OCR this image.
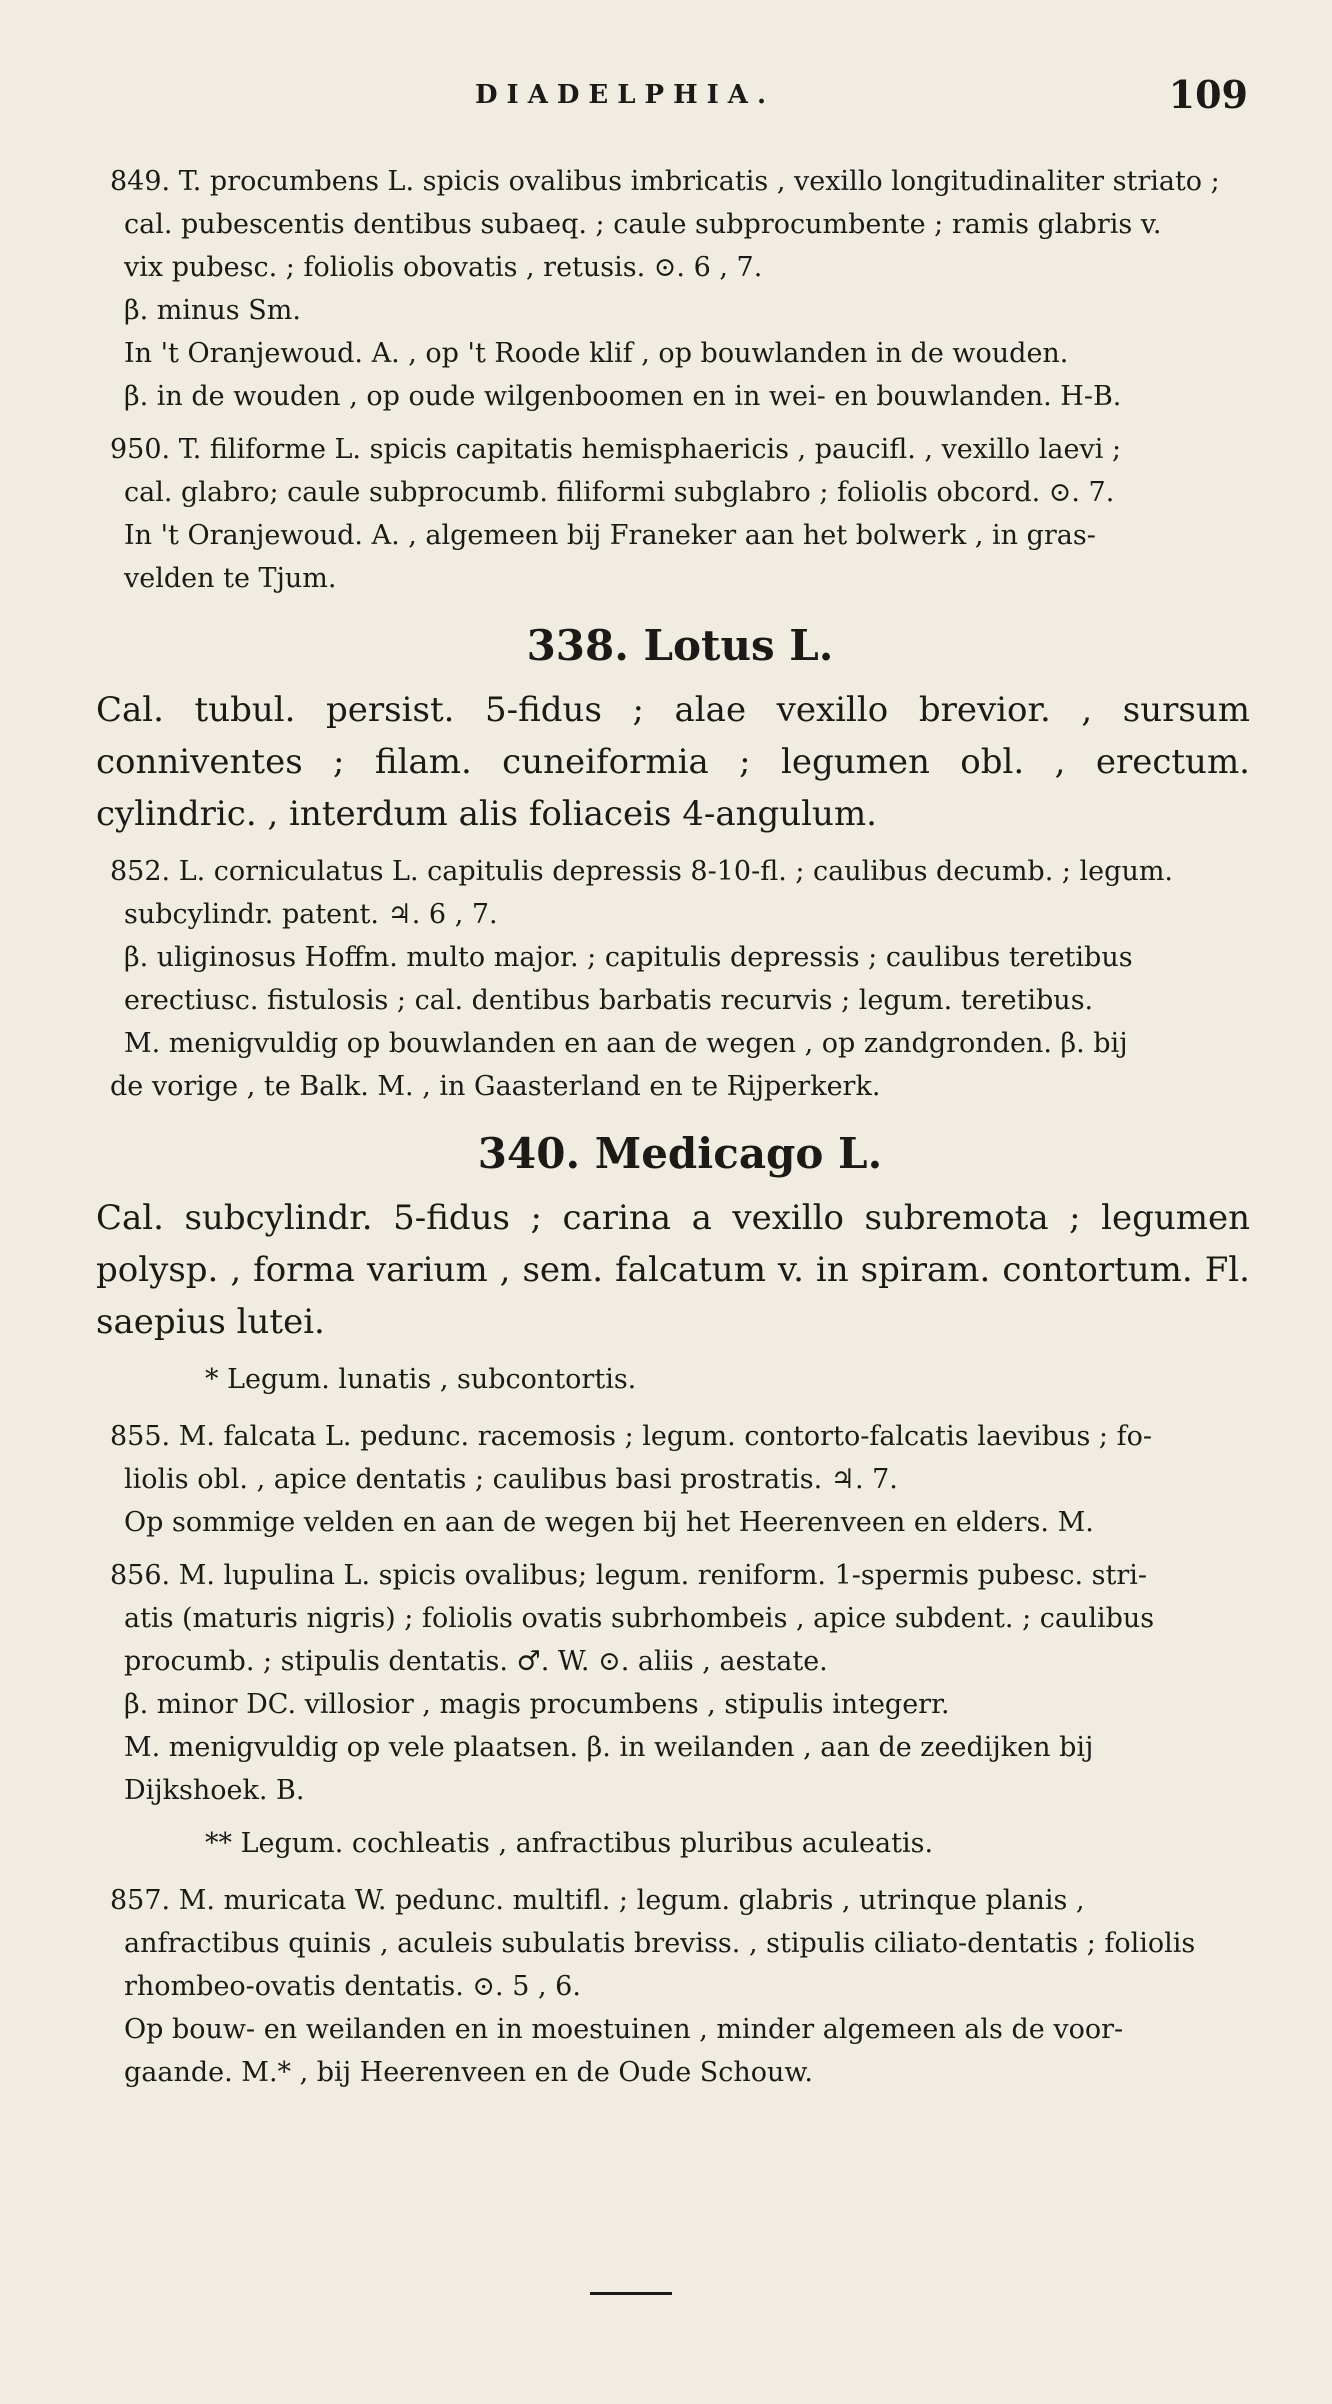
DIADELPHIA.	109
849. T. procumbens L. spicis ovalibus imbricatis , vexillo longitudinaliter striato ;
cal. pubescentis dentibus subaeq. ; caule subprocumbente ; ramis glabris v.
vix pubesc. ; foliolis obovatis , retusis. ⊙. 6 , 7.
β. minus Sm.
In 't Oranjewoud. A. , op 't Roode klif , op bouwlanden in de wouden.
β. in de wouden , op oude wilgenboomen en in wei- en bouwlanden. H-B.
950. T. filiforme L. spicis capitatis hemisphaericis , paucifl. , vexillo laevi ;
cal. glabro; caule subprocumb. filiformi subglabro ; foliolis obcord. ⊙. 7.
In 't Oranjewoud. A. , algemeen bij Franeker aan het bolwerk , in gras-
velden te Tjum.
338. Lotus L.
Cal. tubul. persist. 5-fidus ; alae vexillo brevior. , sursum conniventes ; filam. cuneiformia ; legumen obl. , erectum. cylindric. , interdum alis foliaceis 4-angulum.
852. L. corniculatus L. capitulis depressis 8-10-fl. ; caulibus decumb. ; legum.
subcylindr. patent. ♃. 6 , 7.
β. uliginosus Hoffm. multo major. ; capitulis depressis ; caulibus teretibus
erectiusc. fistulosis ; cal. dentibus barbatis recurvis ; legum. teretibus.
M. menigvuldig op bouwlanden en aan de wegen , op zandgronden. β. bij
de vorige , te Balk. M. , in Gaasterland en te Rijperkerk.
340. Medicago L.
Cal. subcylindr. 5-fidus ; carina a vexillo subremota ; legumen polysp. , forma varium , sem. falcatum v. in spiram. contortum. Fl. saepius lutei.
* Legum. lunatis , subcontortis.
855. M. falcata L. pedunc. racemosis ; legum. contorto-falcatis laevibus ; fo-
liolis obl. , apice dentatis ; caulibus basi prostratis. ♃. 7.
Op sommige velden en aan de wegen bij het Heerenveen en elders. M.
856. M. lupulina L. spicis ovalibus; legum. reniform. 1-spermis pubesc. stri-
atis (maturis nigris) ; foliolis ovatis subrhombeis , apice subdent. ; caulibus
procumb. ; stipulis dentatis. ♂. W. ⊙. aliis , aestate.
β. minor DC. villosior , magis procumbens , stipulis integerr.
M. menigvuldig op vele plaatsen. β. in weilanden , aan de zeedijken bij
Dijkshoek. B.
** Legum. cochleatis , anfractibus pluribus aculeatis.
857. M. muricata W. pedunc. multifl. ; legum. glabris , utrinque planis ,
anfractibus quinis , aculeis subulatis breviss. , stipulis ciliato-dentatis ; foliolis
rhombeo-ovatis dentatis. ⊙. 5 , 6.
Op bouw- en weilanden en in moestuinen , minder algemeen als de voor-
gaande. M.* , bij Heerenveen en de Oude Schouw.
